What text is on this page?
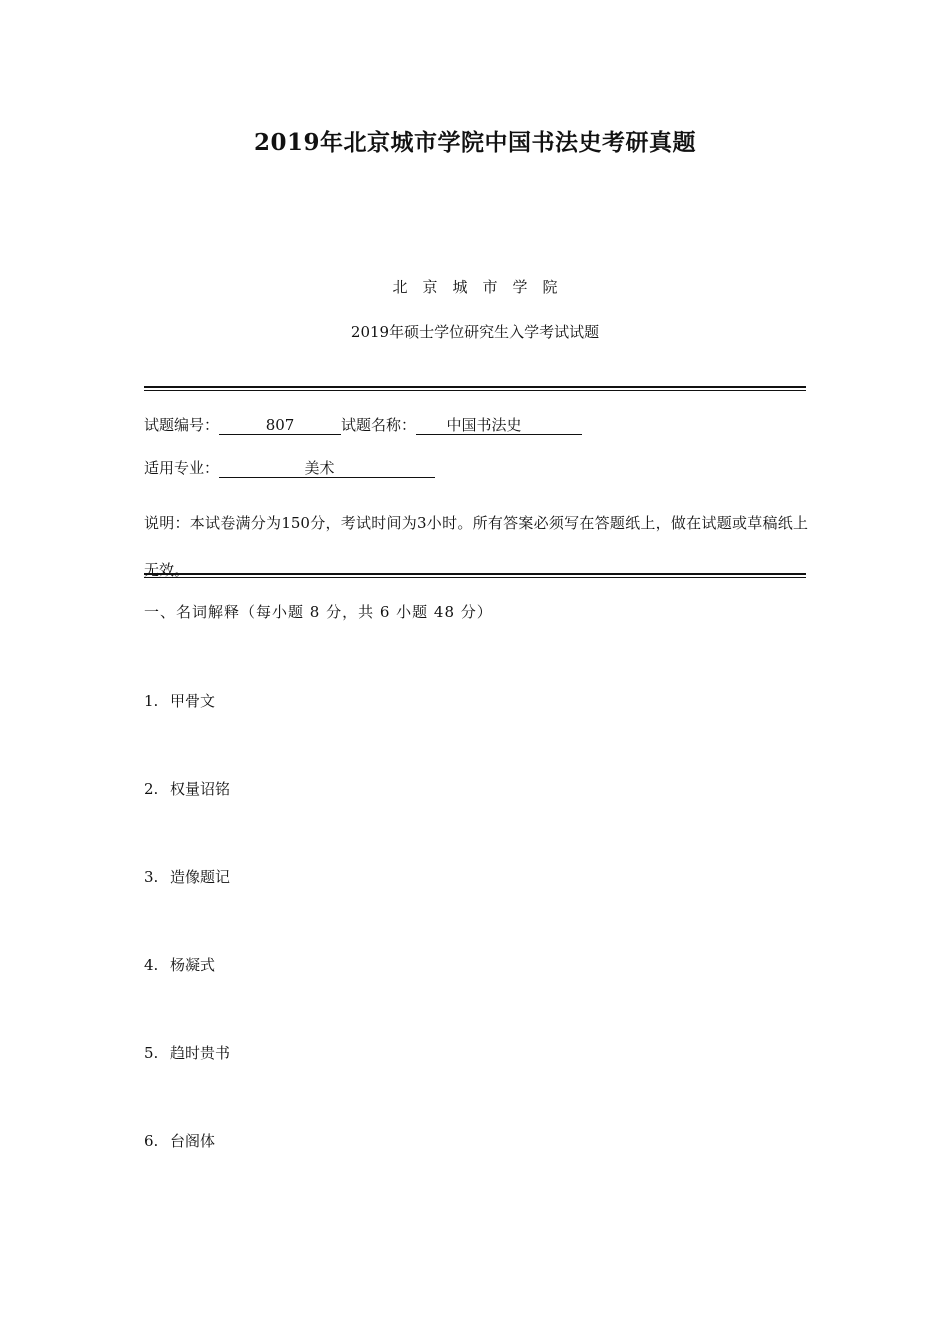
2019年北京城市学院中国书法史考研真题
北　京　城　市　学　院
2019年硕士学位研究生入学考试试题
试题编号：	807	试题名称： 中国书法史
适用专业：	美术
说明：本试卷满分为150分，考试时间为3小时。所有答案必须写在答题纸上，做在试题或草稿纸上无效。
一、名词解释（每小题 8 分，共 6 小题 48 分）
1. 甲骨文
2. 权量诏铭
3. 造像题记
4. 杨凝式
5. 趋时贵书
6. 台阁体
